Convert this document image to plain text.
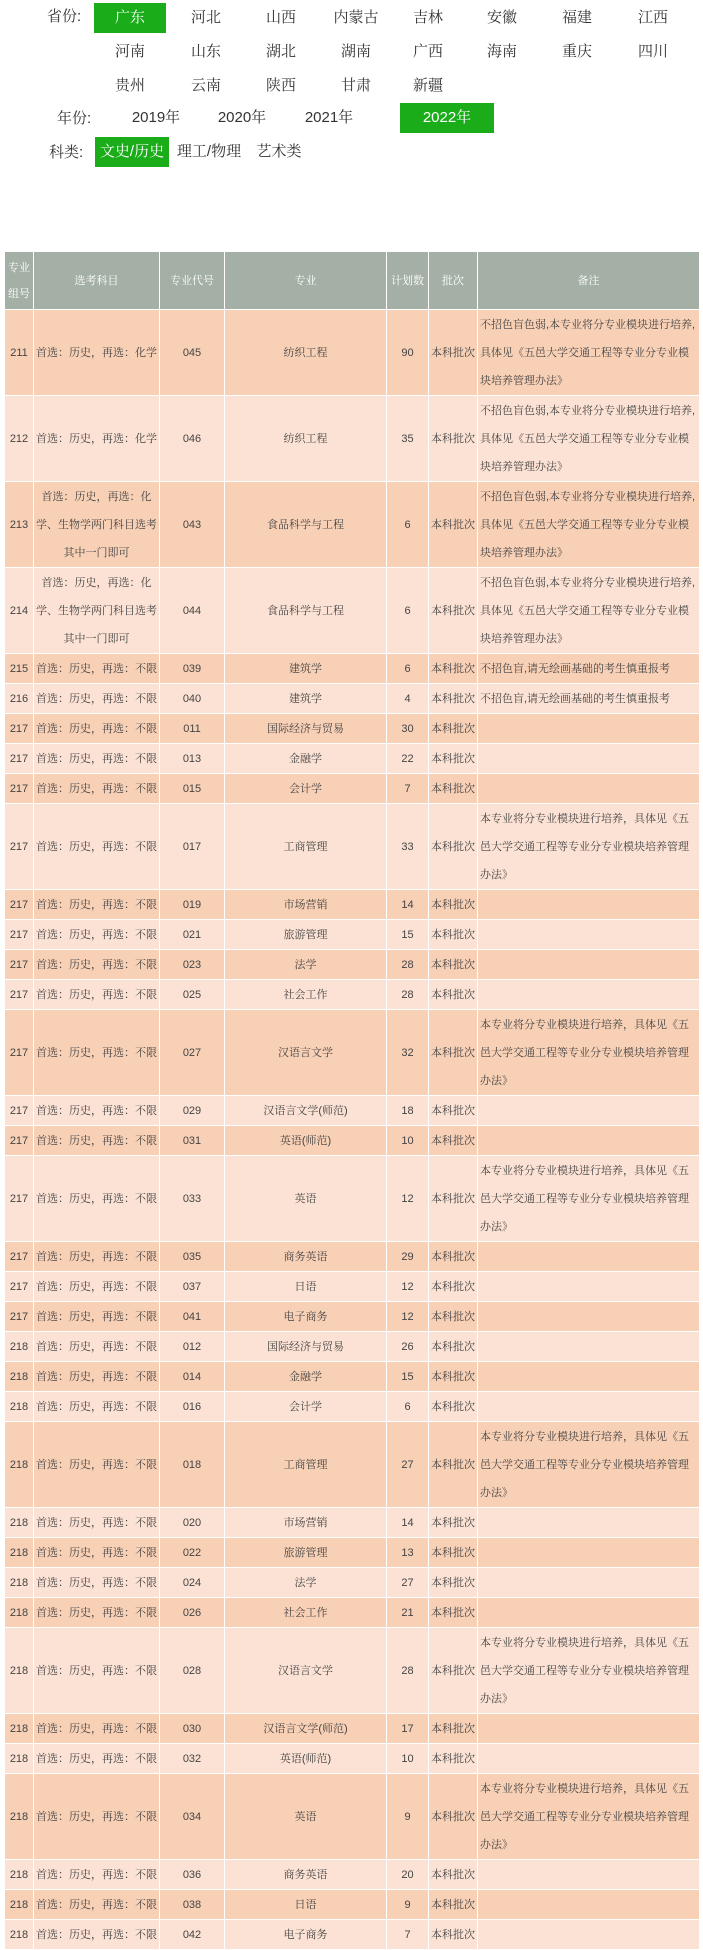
省份:	广东	河北	山西	内蒙古	吉林	安徽	福建	江西
河南	山东	湖北	湖南	广西	海南	重庆	四川
贵州	云南	陕西	甘肃	新疆
年份:	2019年	2020年	2021年	2022年
科类:	文史/历史 理工/物理	艺术类
专业组号	选考科目	专业代号	专业	计划数	批次	备注
211	首选：历史，再选：化学	045	纺织工程	90	本科批次	不招色盲色弱,本专业将分专业模块进行培养,具体见《五邑大学交通工程等专业分专业模块培养管理办法》
212	首选：历史，再选：化学	046	纺织工程	35	本科批次	不招色盲色弱,本专业将分专业模块进行培养,具体见《五邑大学交通工程等专业分专业模块培养管理办法》
213	首选：历史，再选：化学、生物学两门科目选考其中一门即可	043	食品科学与工程	6	本科批次	不招色盲色弱,本专业将分专业模块进行培养,具体见《五邑大学交通工程等专业分专业模块培养管理办法》
214	首选：历史，再选：化学、生物学两门科目选考其中一门即可	044	食品科学与工程	6	本科批次	不招色盲色弱,本专业将分专业模块进行培养,具体见《五邑大学交通工程等专业分专业模块培养管理办法》
215	首选：历史，再选：不限	039	建筑学	6	本科批次	不招色盲,请无绘画基础的考生慎重报考
216	首选：历史，再选：不限	040	建筑学	4	本科批次	不招色盲,请无绘画基础的考生慎重报考
217	首选：历史，再选：不限	011	国际经济与贸易	30	本科批次	
217	首选：历史，再选：不限	013	金融学	22	本科批次	
217	首选：历史，再选：不限	015	会计学	7	本科批次	
217	首选：历史，再选：不限	017	工商管理	33	本科批次	本专业将分专业模块进行培养，具体见《五邑大学交通工程等专业分专业模块培养管理办法》
217	首选：历史，再选：不限	019	市场营销	14	本科批次	
217	首选：历史，再选：不限	021	旅游管理	15	本科批次	
217	首选：历史，再选：不限	023	法学	28	本科批次	
217	首选：历史，再选：不限	025	社会工作	28	本科批次	
217	首选：历史，再选：不限	027	汉语言文学	32	本科批次	本专业将分专业模块进行培养，具体见《五邑大学交通工程等专业分专业模块培养管理办法》
217	首选：历史，再选：不限	029	汉语言文学(师范)	18	本科批次	
217	首选：历史，再选：不限	031	英语(师范)	10	本科批次	
217	首选：历史，再选：不限	033	英语	12	本科批次	本专业将分专业模块进行培养，具体见《五邑大学交通工程等专业分专业模块培养管理办法》
217	首选：历史，再选：不限	035	商务英语	29	本科批次	
217	首选：历史，再选：不限	037	日语	12	本科批次	
217	首选：历史，再选：不限	041	电子商务	12	本科批次	
218	首选：历史，再选：不限	012	国际经济与贸易	26	本科批次	
218	首选：历史，再选：不限	014	金融学	15	本科批次	
218	首选：历史，再选：不限	016	会计学	6	本科批次	
218	首选：历史，再选：不限	018	工商管理	27	本科批次	本专业将分专业模块进行培养，具体见《五邑大学交通工程等专业分专业模块培养管理办法》
218	首选：历史，再选：不限	020	市场营销	14	本科批次	
218	首选：历史，再选：不限	022	旅游管理	13	本科批次	
218	首选：历史，再选：不限	024	法学	27	本科批次	
218	首选：历史，再选：不限	026	社会工作	21	本科批次	
218	首选：历史，再选：不限	028	汉语言文学	28	本科批次	本专业将分专业模块进行培养，具体见《五邑大学交通工程等专业分专业模块培养管理办法》
218	首选：历史，再选：不限	030	汉语言文学(师范)	17	本科批次	
218	首选：历史，再选：不限	032	英语(师范)	10	本科批次	
218	首选：历史，再选：不限	034	英语	9	本科批次	本专业将分专业模块进行培养，具体见《五邑大学交通工程等专业分专业模块培养管理办法》
218	首选：历史，再选：不限	036	商务英语	20	本科批次	
218	首选：历史，再选：不限	038	日语	9	本科批次	
218	首选：历史，再选：不限	042	电子商务	7	本科批次	
